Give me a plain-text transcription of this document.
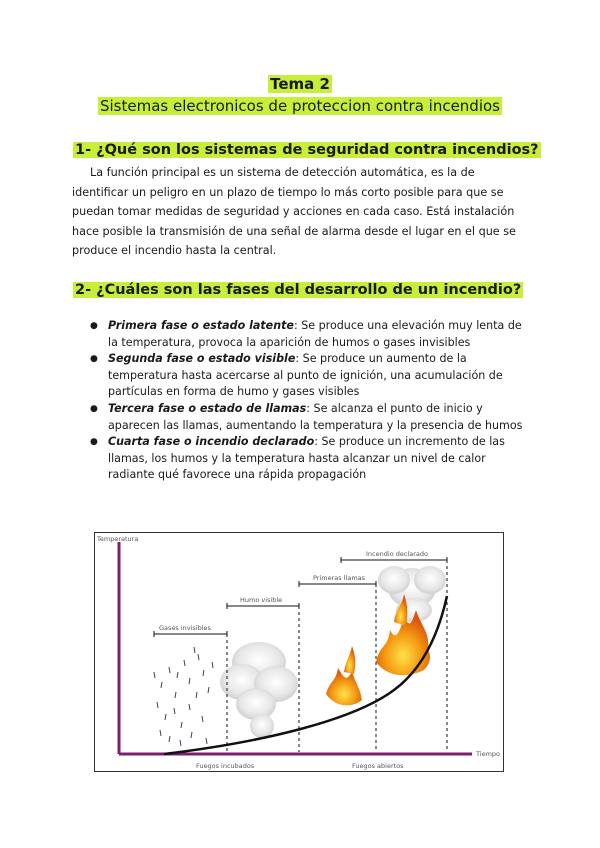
Tema 2
Sistemas electronicos de proteccion contra incendios
1- ¿Qué son los sistemas de seguridad contra incendios?
La función principal es un sistema de detección automática, es la de
identificar un peligro en un plazo de tiempo lo más corto posible para que se
puedan tomar medidas de seguridad y acciones en cada caso. Está instalación
hace posible la transmisión de una señal de alarma desde el lugar en el que se
produce el incendio hasta la central.
2- ¿Cuáles son las fases del desarrollo de un incendio?
● Primera fase o estado latente: Se produce una elevación muy lenta de la temperatura, provoca la aparición de humos o gases invisibles
● Segunda fase o estado visible: Se produce un aumento de la temperatura hasta acercarse al punto de ignición, una acumulación de partículas en forma de humo y gases visibles
● Tercera fase o estado de llamas: Se alcanza el punto de inicio y aparecen las llamas, aumentando la temperatura y la presencia de humos
● Cuarta fase o incendio declarado: Se produce un incremento de las llamas, los humos y la temperatura hasta alcanzar un nivel de calor radiante qué favorece una rápida propagación
Temperatura
Tiempo
Gases invisibles
Humo visible
Primeras llamas
Incendio declarado
Fuegos incubados	Fuegos abiertos
